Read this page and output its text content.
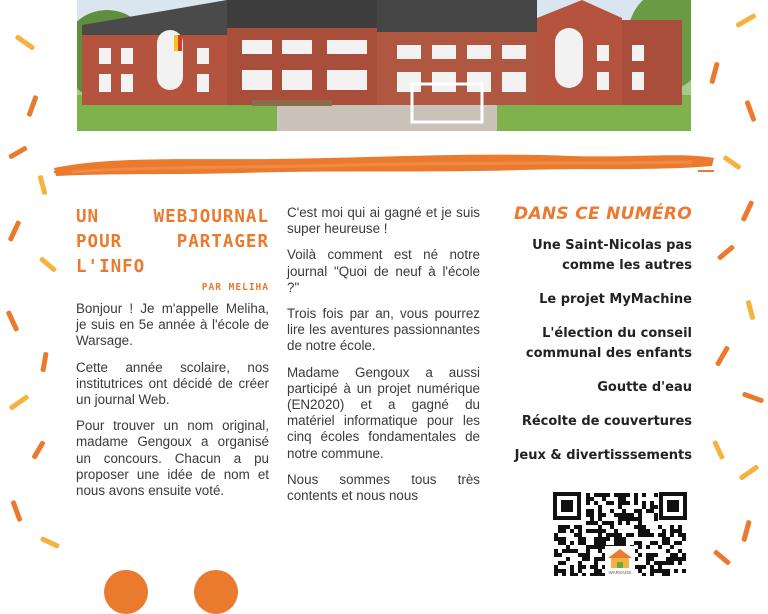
UN WEBJOURNAL POUR PARTAGER L'INFO
PAR MELIHA

Bonjour ! Je m'appelle Meliha, je suis en 5e année à l'école de Warsage.

Cette année scolaire, nos institutrices ont décidé de créer un journal Web.

Pour trouver un nom original, madame Gengoux a organisé un concours. Chacun a pu proposer une idée de nom et nous avons ensuite voté.

C'est moi qui ai gagné et je suis super heureuse !

Voilà comment est né notre journal "Quoi de neuf à l'école ?"

Trois fois par an, vous pourrez lire les aventures passionnantes de notre école.

Madame Gengoux a aussi participé à un projet numérique (EN2020) et a gagné du matériel informatique pour les cinq écoles fondamentales de notre commune.

Nous sommes tous très contents et nous nous

DANS CE NUMÉRO
Une Saint-Nicolas pas comme les autres
Le projet MyMachine
L'élection du conseil communal des enfants
Goutte d'eau
Récolte de couvertures
Jeux & divertisssements
WARSAGE
